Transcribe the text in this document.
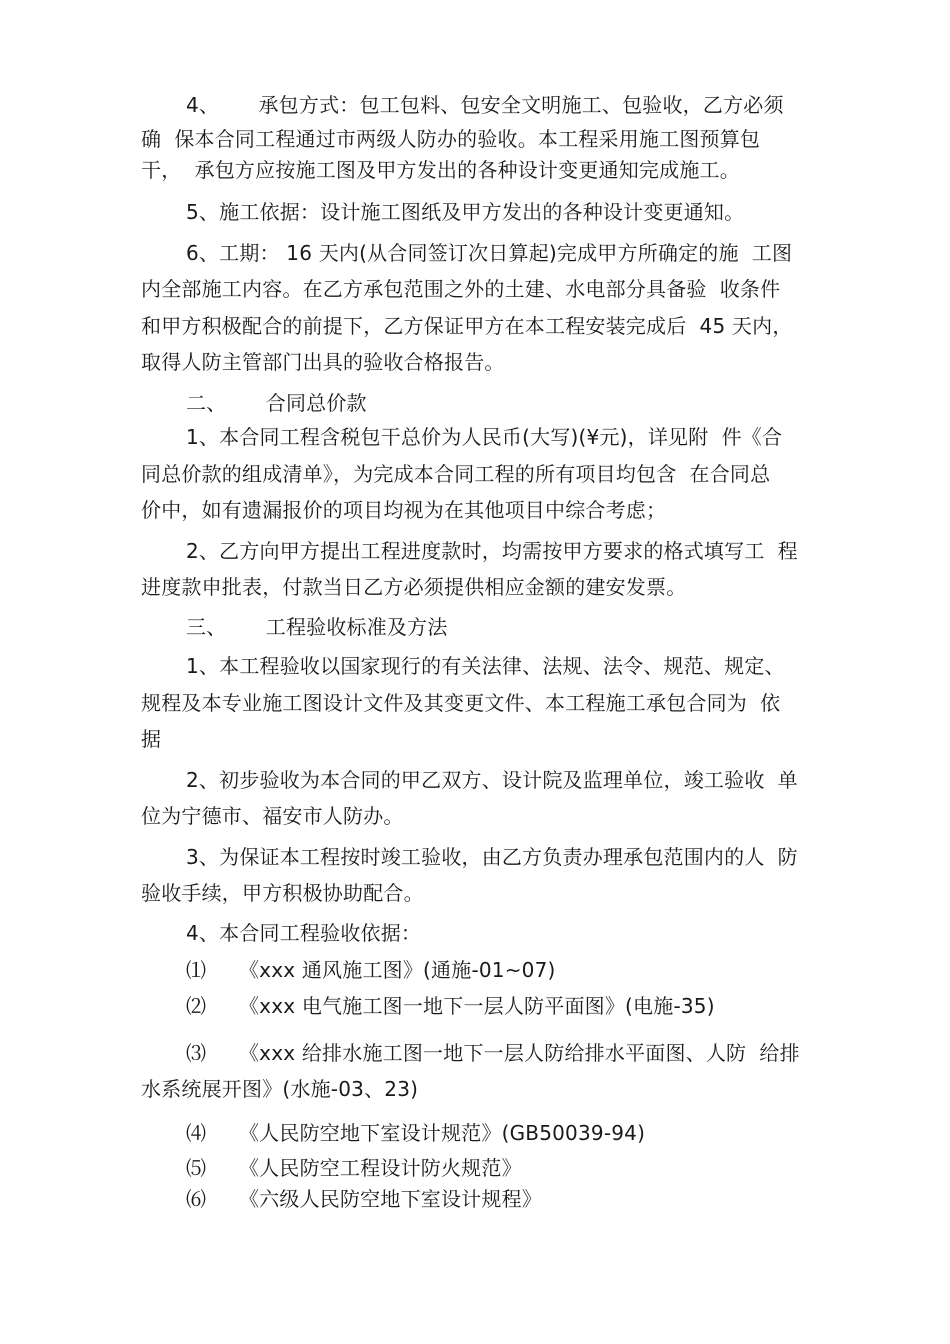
4、      承包方式：包工包料、包安全文明施工、包验收，乙方必须
确  保本合同工程通过市两级人防办的验收。本工程采用施工图预算包
干，  承包方应按施工图及甲方发出的各种设计变更通知完成施工。
5、施工依据：设计施工图纸及甲方发出的各种设计变更通知。
6、工期： 16 天内(从合同签订次日算起)完成甲方所确定的施  工图
内全部施工内容。在乙方承包范围之外的土建、水电部分具备验  收条件
和甲方积极配合的前提下，乙方保证甲方在本工程安装完成后  45 天内，
取得人防主管部门出具的验收合格报告。
二、      合同总价款
1、本合同工程含税包干总价为人民币(大写)(¥元)，详见附  件《合
同总价款的组成清单》，为完成本合同工程的所有项目均包含  在合同总
价中，如有遗漏报价的项目均视为在其他项目中综合考虑；
2、乙方向甲方提出工程进度款时，均需按甲方要求的格式填写工  程
进度款申批表，付款当日乙方必须提供相应金额的建安发票。
三、      工程验收标准及方法
1、本工程验收以国家现行的有关法律、法规、法令、规范、规定、
规程及本专业施工图设计文件及其变更文件、本工程施工承包合同为  依
据
2、初步验收为本合同的甲乙双方、设计院及监理单位，竣工验收  单
位为宁德市、福安市人防办。
3、为保证本工程按时竣工验收，由乙方负责办理承包范围内的人  防
验收手续，甲方积极协助配合。
4、本合同工程验收依据：
⑴     《xxx 通风施工图》(通施-01~07)
⑵     《xxx 电气施工图一地下一层人防平面图》(电施-35)
⑶     《xxx 给排水施工图一地下一层人防给排水平面图、人防  给排
水系统展开图》(水施-03、23)
⑷     《人民防空地下室设计规范》(GB50039-94)
⑸     《人民防空工程设计防火规范》
⑹     《六级人民防空地下室设计规程》
